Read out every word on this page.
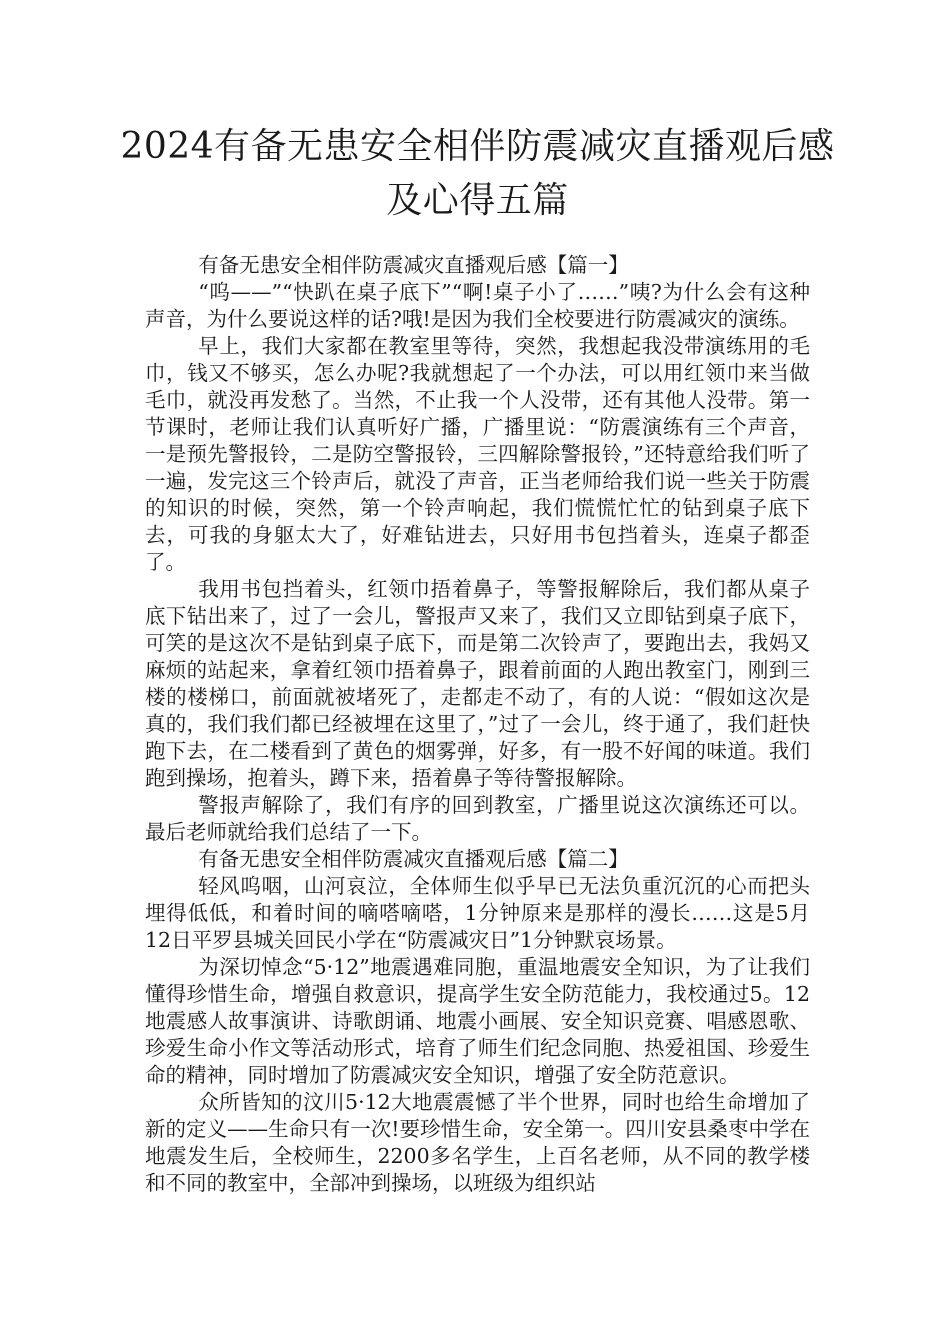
2024有备无患安全相伴防震减灾直播观后感及心得五篇

有备无患安全相伴防震减灾直播观后感【篇一】

“呜——”“快趴在桌子底下”“啊!桌子小了……”咦?为什么会有这种声音，为什么要说这样的话?哦!是因为我们全校要进行防震减灾的演练。

早上，我们大家都在教室里等待，突然，我想起我没带演练用的毛巾，钱又不够买，怎么办呢?我就想起了一个办法，可以用红领巾来当做毛巾，就没再发愁了。当然，不止我一个人没带，还有其他人没带。第一节课时，老师让我们认真听好广播，广播里说：“防震演练有三个声音，一是预先警报铃，二是防空警报铃，三四解除警报铃，”还特意给我们听了一遍，发完这三个铃声后，就没了声音，正当老师给我们说一些关于防震的知识的时候，突然，第一个铃声响起，我们慌慌忙忙的钻到桌子底下去，可我的身躯太大了，好难钻进去，只好用书包挡着头，连桌子都歪了。

我用书包挡着头，红领巾捂着鼻子，等警报解除后，我们都从桌子底下钻出来了，过了一会儿，警报声又来了，我们又立即钻到桌子底下，可笑的是这次不是钻到桌子底下，而是第二次铃声了，要跑出去，我妈又麻烦的站起来，拿着红领巾捂着鼻子，跟着前面的人跑出教室门，刚到三楼的楼梯口，前面就被堵死了，走都走不动了，有的人说：“假如这次是真的，我们我们都已经被埋在这里了，”过了一会儿，终于通了，我们赶快跑下去，在二楼看到了黄色的烟雾弹，好多，有一股不好闻的味道。我们跑到操场，抱着头，蹲下来，捂着鼻子等待警报解除。

警报声解除了，我们有序的回到教室，广播里说这次演练还可以。最后老师就给我们总结了一下。

有备无患安全相伴防震减灾直播观后感【篇二】

轻风呜咽，山河哀泣，全体师生似乎早已无法负重沉沉的心而把头埋得低低，和着时间的嘀嗒嘀嗒，1分钟原来是那样的漫长……这是5月12日平罗县城关回民小学在“防震减灾日”1分钟默哀场景。

为深切悼念“5·12”地震遇难同胞，重温地震安全知识，为了让我们懂得珍惜生命，增强自救意识，提高学生安全防范能力，我校通过5。12地震感人故事演讲、诗歌朗诵、地震小画展、安全知识竞赛、唱感恩歌、珍爱生命小作文等活动形式，培育了师生们纪念同胞、热爱祖国、珍爱生命的精神，同时增加了防震减灾安全知识，增强了安全防范意识。

众所皆知的汶川5·12大地震震憾了半个世界，同时也给生命增加了新的定义——生命只有一次!要珍惜生命，安全第一。四川安县桑枣中学在地震发生后，全校师生，2200多名学生，上百名老师，从不同的教学楼和不同的教室中，全部冲到操场，以班级为组织站
